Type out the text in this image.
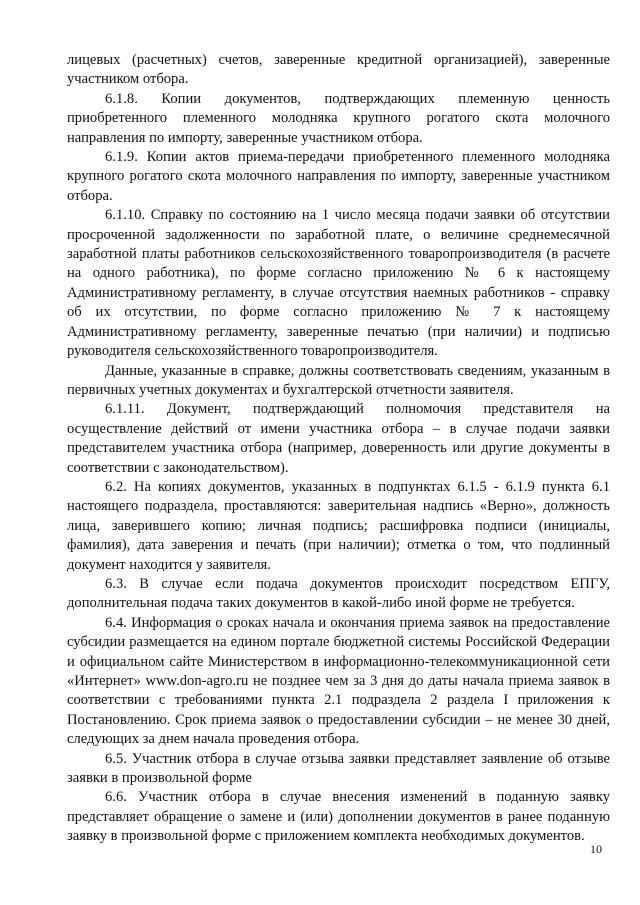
лицевых (расчетных) счетов, заверенные кредитной организацией), заверенные участником отбора.

6.1.8. Копии документов, подтверждающих племенную ценность приобретенного племенного молодняка крупного рогатого скота молочного направления по импорту, заверенные участником отбора.

6.1.9. Копии актов приема-передачи приобретенного племенного молодняка крупного рогатого скота молочного направления по импорту, заверенные участником отбора.

6.1.10. Справку по состоянию на 1 число месяца подачи заявки об отсутствии просроченной задолженности по заработной плате, о величине среднемесячной заработной платы работников сельскохозяйственного товаропроизводителя (в расчете на одного работника), по форме согласно приложению № 6 к настоящему Административному регламенту, в случае отсутствия наемных работников - справку об их отсутствии, по форме согласно приложению № 7 к настоящему Административному регламенту, заверенные печатью (при наличии) и подписью руководителя сельскохозяйственного товаропроизводителя.

Данные, указанные в справке, должны соответствовать сведениям, указанным в первичных учетных документах и бухгалтерской отчетности заявителя.

6.1.11. Документ, подтверждающий полномочия представителя на осуществление действий от имени участника отбора – в случае подачи заявки представителем участника отбора (например, доверенность или другие документы в соответствии с законодательством).

6.2. На копиях документов, указанных в подпунктах 6.1.5 - 6.1.9 пункта 6.1 настоящего подраздела, проставляются: заверительная надпись «Верно», должность лица, заверившего копию; личная подпись; расшифровка подписи (инициалы, фамилия), дата заверения и печать (при наличии); отметка о том, что подлинный документ находится у заявителя.

6.3. В случае если подача документов происходит посредством ЕПГУ, дополнительная подача таких документов в какой-либо иной форме не требуется.

6.4. Информация о сроках начала и окончания приема заявок на предоставление субсидии размещается на едином портале бюджетной системы Российской Федерации и официальном сайте Министерством в информационно-телекоммуникационной сети «Интернет» www.don-agro.ru не позднее чем за 3 дня до даты начала приема заявок в соответствии с требованиями пункта 2.1 подраздела 2 раздела I приложения к Постановлению. Срок приема заявок о предоставлении субсидии – не менее 30 дней, следующих за днем начала проведения отбора.

6.5. Участник отбора в случае отзыва заявки представляет заявление об отзыве заявки в произвольной форме

6.6. Участник отбора в случае внесения изменений в поданную заявку представляет обращение о замене и (или) дополнении документов в ранее поданную заявку в произвольной форме с приложением комплекта необходимых документов.

10
